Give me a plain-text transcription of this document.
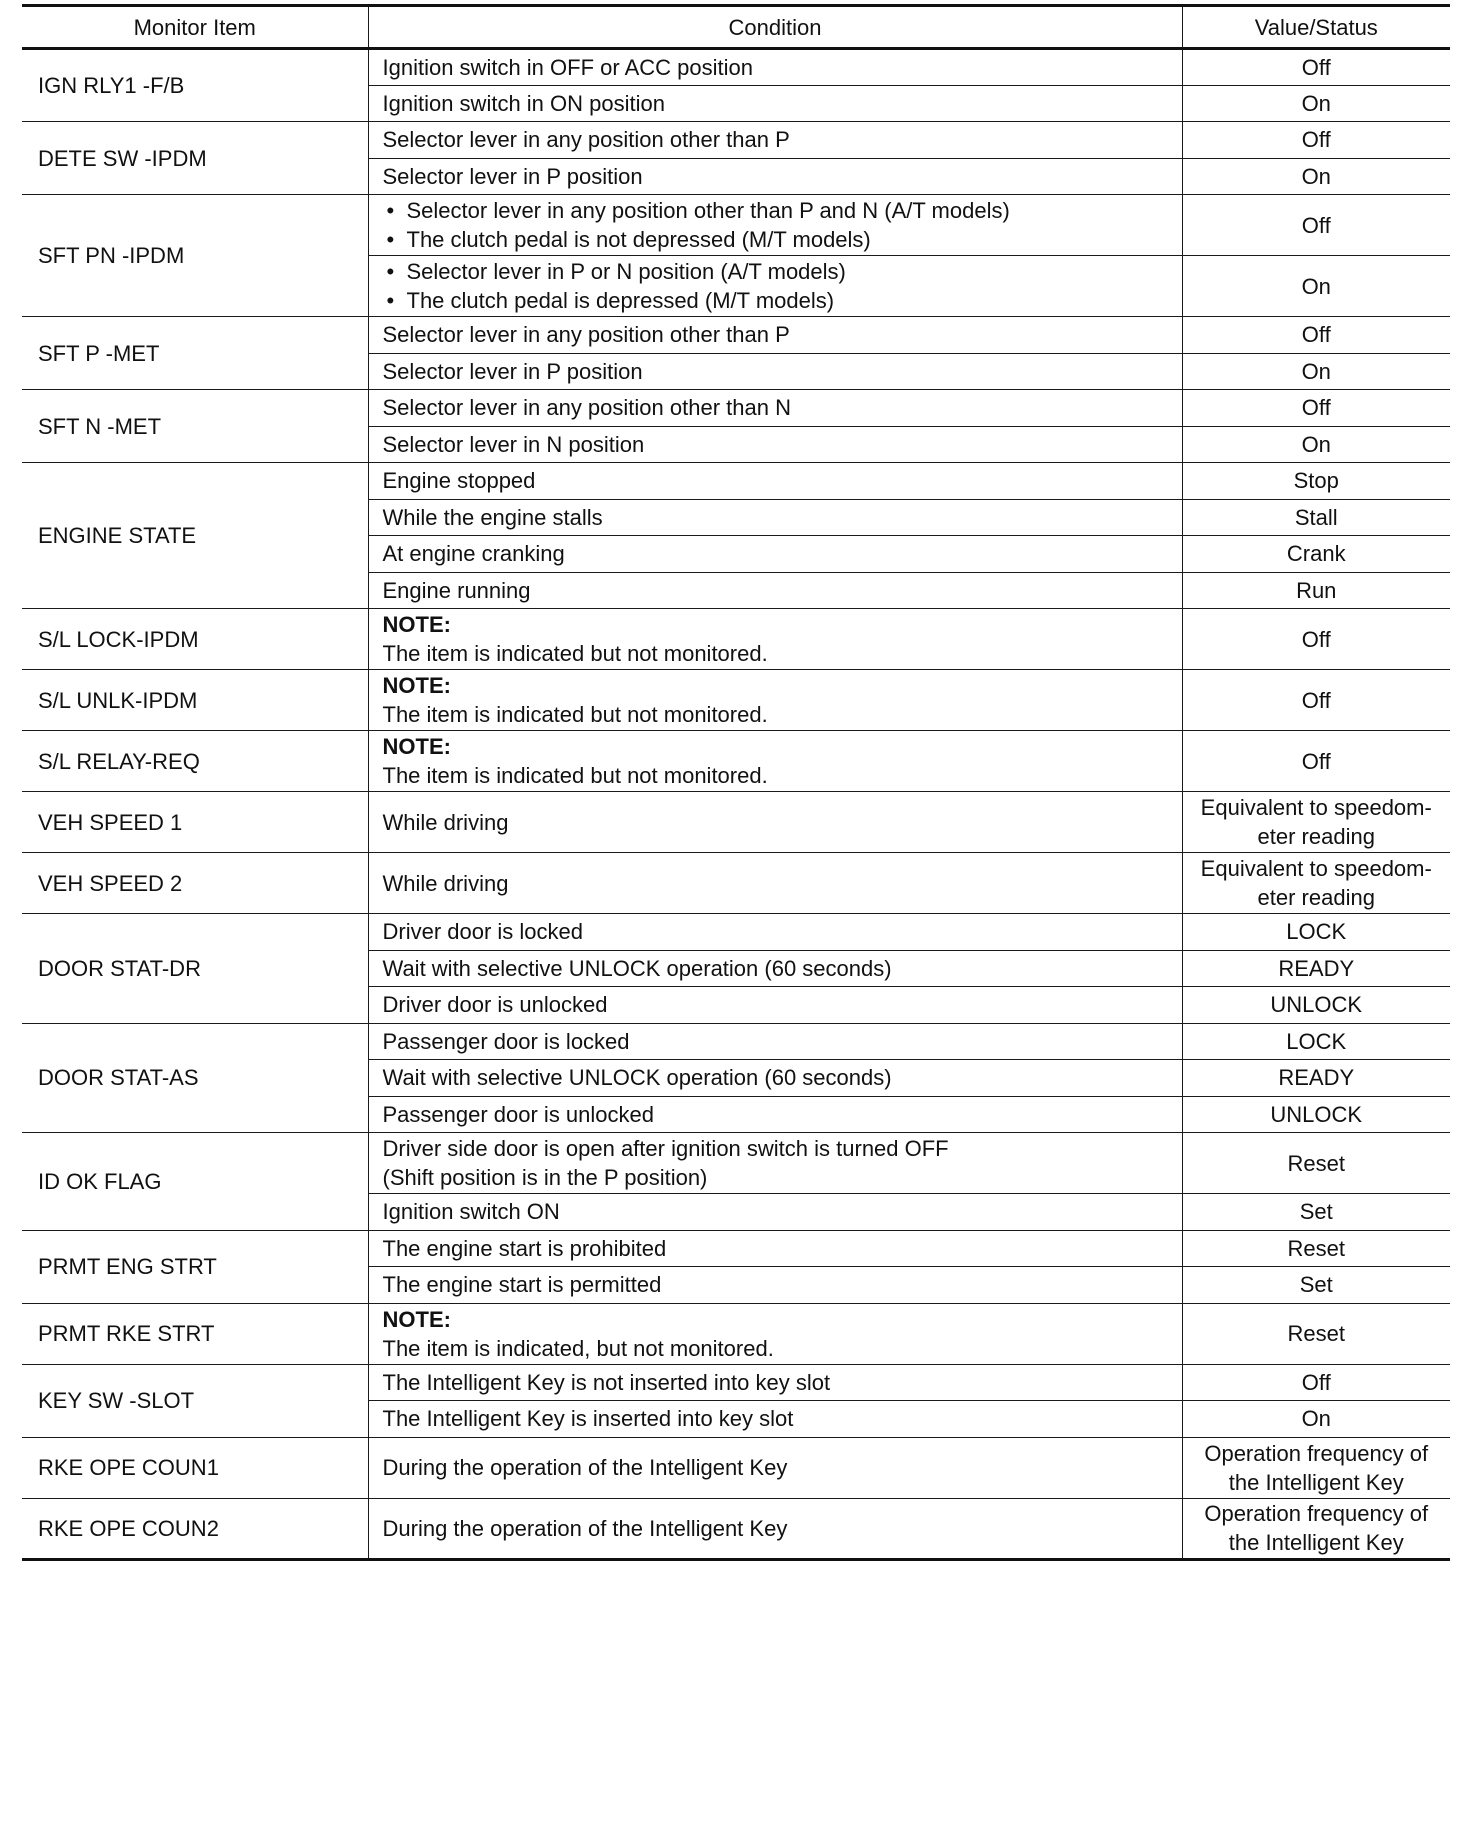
Monitor Item	Condition	Value/Status
IGN RLY1 -F/B	Ignition switch in OFF or ACC position	Off

	Ignition switch in ON position	On

DETE SW -IPDM	Selector lever in any position other than P	Off

	Selector lever in P position	On

SFT PN -IPDM	• Selector lever in any position other than P and N (A/T models)
• The clutch pedal is not depressed (M/T models)	Off

	• Selector lever in P or N position (A/T models)
• The clutch pedal is depressed (M/T models)	On

SFT P -MET	Selector lever in any position other than P	Off

	Selector lever in P position	On

SFT N -MET	Selector lever in any position other than N	Off

	Selector lever in N position	On

ENGINE STATE	Engine stopped	Stop

	While the engine stalls	Stall

	At engine cranking	Crank

	Engine running	Run

S/L LOCK-IPDM	NOTE:
The item is indicated but not monitored.	Off

S/L UNLK-IPDM	NOTE:
The item is indicated but not monitored.	Off

S/L RELAY-REQ	NOTE:
The item is indicated but not monitored.	Off

VEH SPEED 1	While driving	Equivalent to speedom-
eter reading

VEH SPEED 2	While driving	Equivalent to speedom-
eter reading

DOOR STAT-DR	Driver door is locked	LOCK

	Wait with selective UNLOCK operation (60 seconds)	READY

	Driver door is unlocked	UNLOCK

DOOR STAT-AS	Passenger door is locked	LOCK

	Wait with selective UNLOCK operation (60 seconds)	READY

	Passenger door is unlocked	UNLOCK

ID OK FLAG	Driver side door is open after ignition switch is turned OFF
(Shift position is in the P position)	Reset

	Ignition switch ON	Set

PRMT ENG STRT	The engine start is prohibited	Reset

	The engine start is permitted	Set

PRMT RKE STRT	NOTE:
The item is indicated, but not monitored.	Reset

KEY SW -SLOT	The Intelligent Key is not inserted into key slot	Off

	The Intelligent Key is inserted into key slot	On

RKE OPE COUN1	During the operation of the Intelligent Key	Operation frequency of
the Intelligent Key

RKE OPE COUN2	During the operation of the Intelligent Key	Operation frequency of
the Intelligent Key
